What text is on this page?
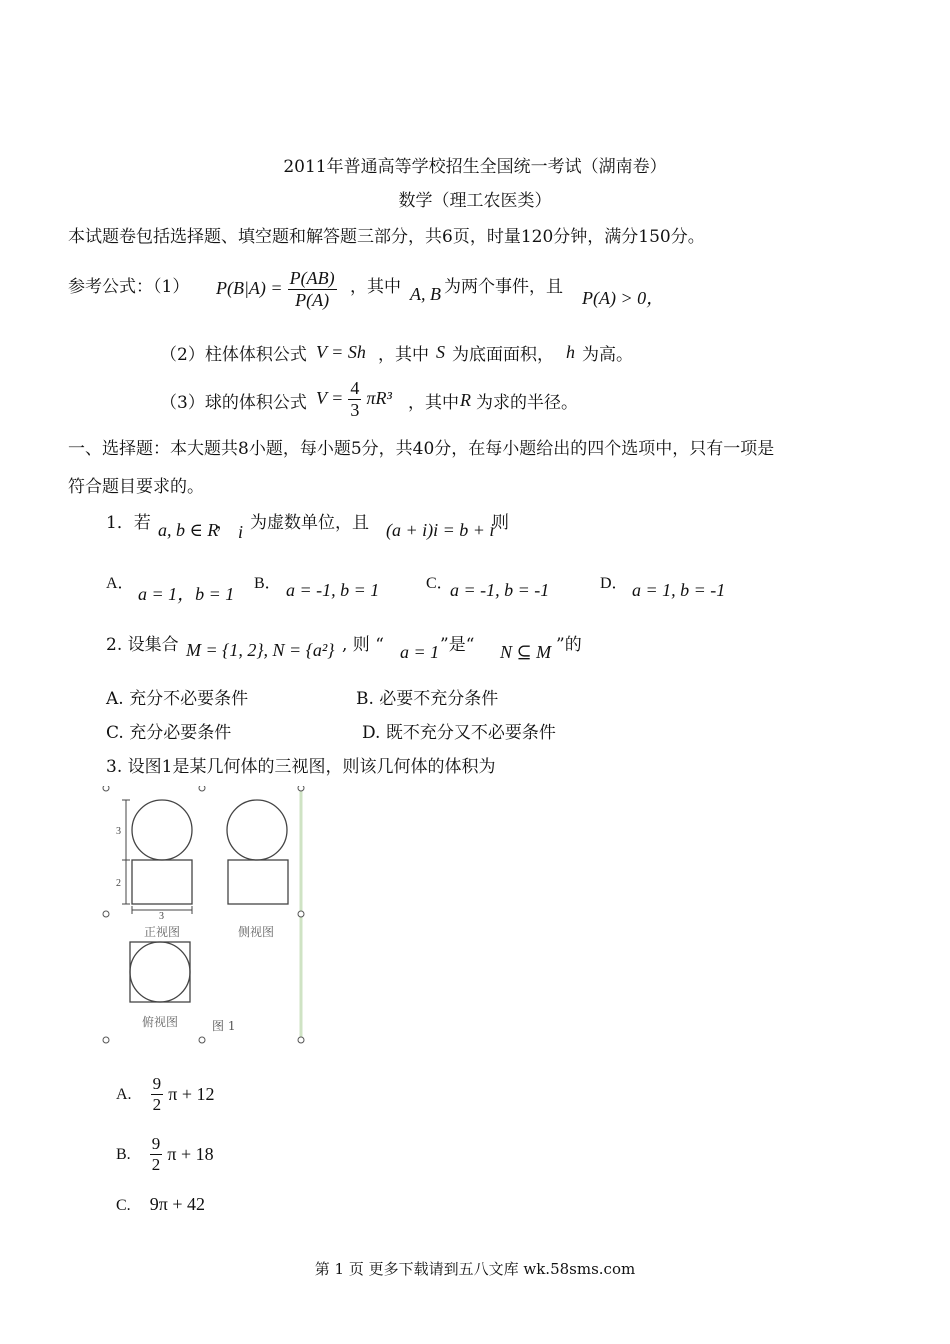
2011年普通高等学校招生全国统一考试（湖南卷）
数学（理工农医类）
本试题卷包括选择题、填空题和解答题三部分，共6页，时量120分钟，满分150分。
参考公式：（1） $P(B|A) = \frac{P(AB)}{P(A)}$ ，其中 A, B 为两个事件，且
P(A) > 0，
（2）柱体体积公式 V = Sh ，其中 S 为底面面积， h 为高。
（3）球的体积公式 $V = \frac{4}{3} \pi R^3$ ，其中 R 为求的半径。
一、选择题：本大题共8小题，每小题5分，共40分，在每小题给出的四个选项中，只有一项是
符合题目要求的。
1．若 a, b ∈ R
， i 为虚数单位，且 (a + i)i = b + i
则
A．
a = 1，b = 1
B． a = -1, b = 1	C．
a = -1, b = -1	D． a = 1, b = -1
2. 设集合 M = {1, 2}, N = {a²} , 则 “ a = 1 ”是“ N ⊆ M ”的
A. 充分不必要条件	B. 必要不充分条件
C. 充分必要条件	D. 既不充分又不必要条件
3. 设图1是某几何体的三视图，则该几何体的体积为
3
2
3
正视图	侧视图
俯视图	图 1
A. $\frac{9}{2}$ π + 12
B. $\frac{9}{2}$ π + 18
C. 9π + 42
第 1 页 更多下载请到五八文库 wk.58sms.com
